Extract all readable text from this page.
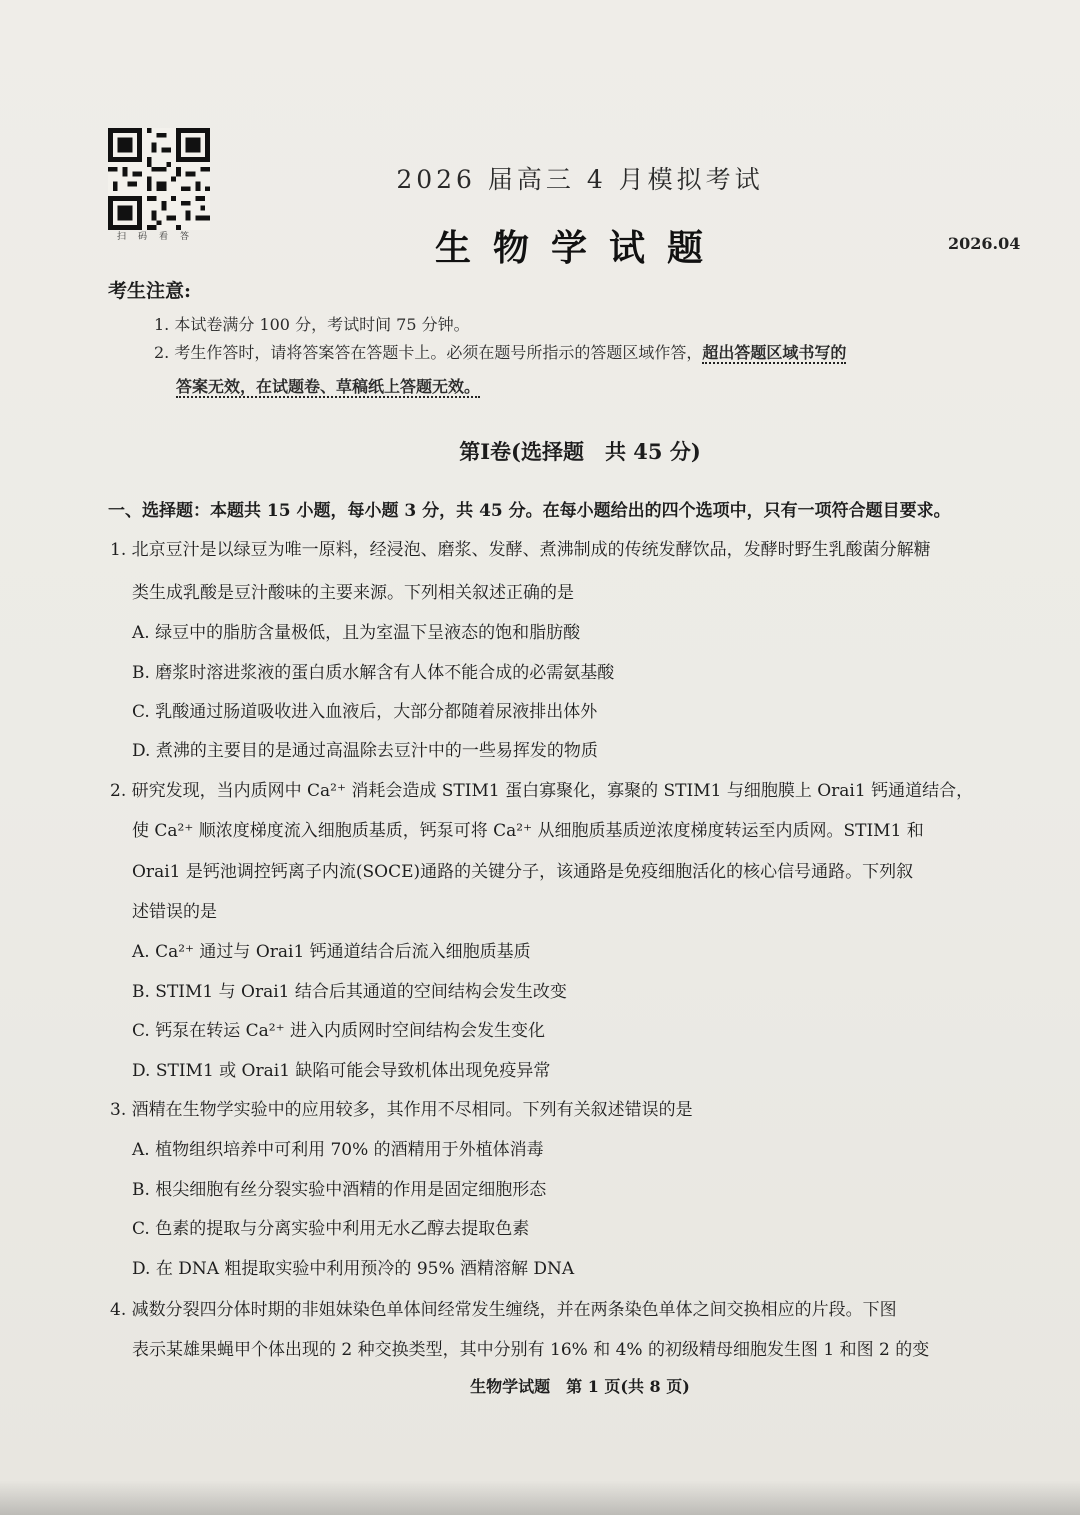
扫码看答
2026 届高三 4 月模拟考试
生物学试题	2026.04
考生注意:
1. 本试卷满分 100 分，考试时间 75 分钟。
2. 考生作答时，请将答案答在答题卡上。必须在题号所指示的答题区域作答，超出答题区域书写的
答案无效，在试题卷、草稿纸上答题无效。
第Ⅰ卷(选择题　共 45 分)
一、选择题：本题共 15 小题，每小题 3 分，共 45 分。在每小题给出的四个选项中，只有一项符合题目要求。
1. 北京豆汁是以绿豆为唯一原料，经浸泡、磨浆、发酵、煮沸制成的传统发酵饮品，发酵时野生乳酸菌分解糖
类生成乳酸是豆汁酸味的主要来源。下列相关叙述正确的是
A. 绿豆中的脂肪含量极低，且为室温下呈液态的饱和脂肪酸
B. 磨浆时溶进浆液的蛋白质水解含有人体不能合成的必需氨基酸
C. 乳酸通过肠道吸收进入血液后，大部分都随着尿液排出体外
D. 煮沸的主要目的是通过高温除去豆汁中的一些易挥发的物质
2. 研究发现，当内质网中 Ca²⁺ 消耗会造成 STIM1 蛋白寡聚化，寡聚的 STIM1 与细胞膜上 Orai1 钙通道结合，
使 Ca²⁺ 顺浓度梯度流入细胞质基质，钙泵可将 Ca²⁺ 从细胞质基质逆浓度梯度转运至内质网。STIM1 和
Orai1 是钙池调控钙离子内流(SOCE)通路的关键分子，该通路是免疫细胞活化的核心信号通路。下列叙
述错误的是
A. Ca²⁺ 通过与 Orai1 钙通道结合后流入细胞质基质
B. STIM1 与 Orai1 结合后其通道的空间结构会发生改变
C. 钙泵在转运 Ca²⁺ 进入内质网时空间结构会发生变化
D. STIM1 或 Orai1 缺陷可能会导致机体出现免疫异常
3. 酒精在生物学实验中的应用较多，其作用不尽相同。下列有关叙述错误的是
A. 植物组织培养中可利用 70% 的酒精用于外植体消毒
B. 根尖细胞有丝分裂实验中酒精的作用是固定细胞形态
C. 色素的提取与分离实验中利用无水乙醇去提取色素
D. 在 DNA 粗提取实验中利用预冷的 95% 酒精溶解 DNA
4. 减数分裂四分体时期的非姐妹染色单体间经常发生缠绕，并在两条染色单体之间交换相应的片段。下图
表示某雄果蝇甲个体出现的 2 种交换类型，其中分别有 16% 和 4% 的初级精母细胞发生图 1 和图 2 的变
生物学试题　第 1 页(共 8 页)
